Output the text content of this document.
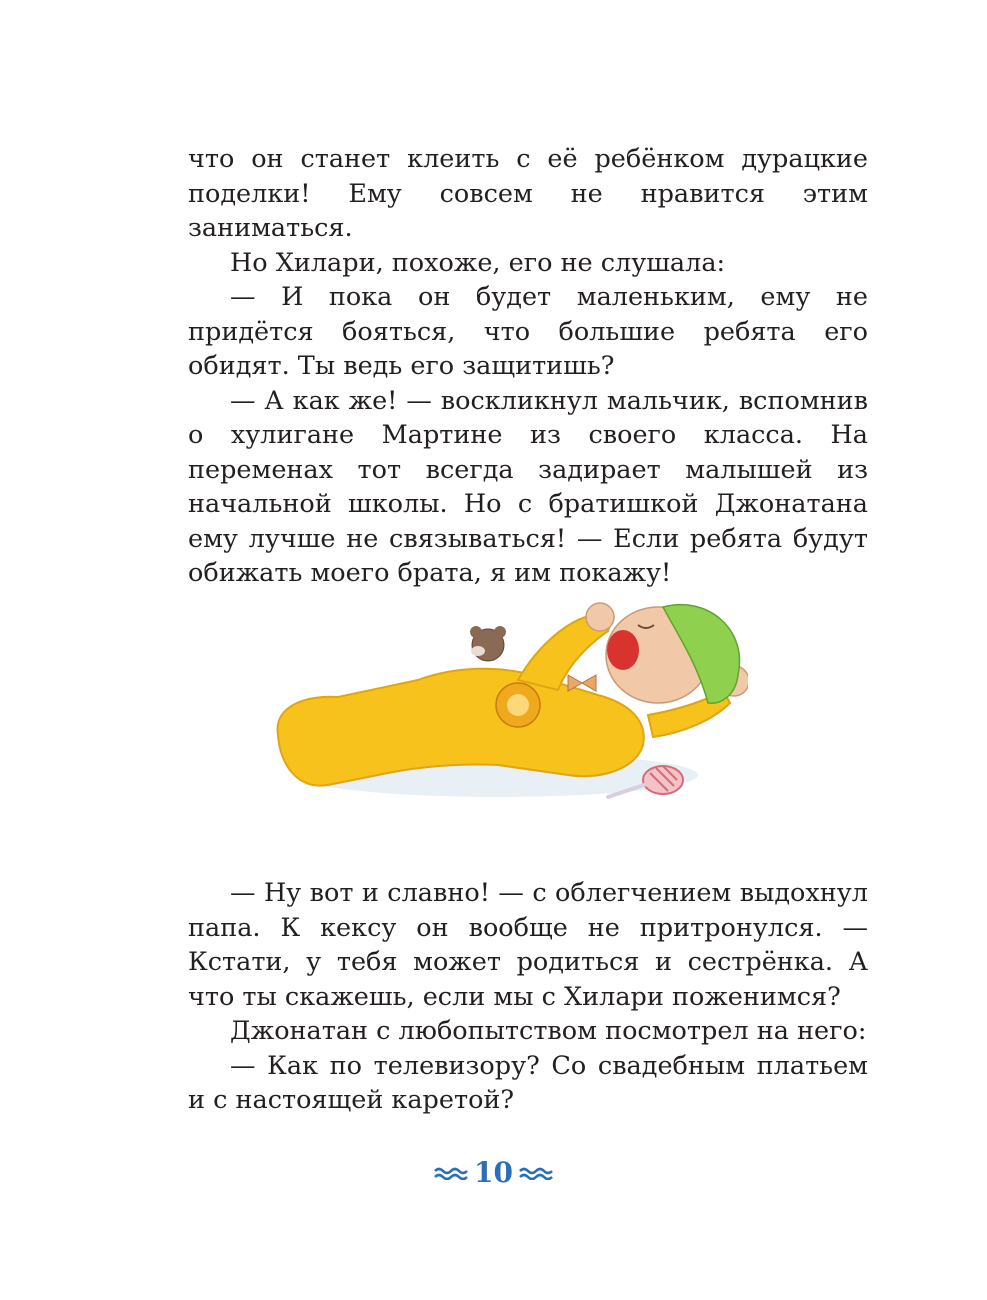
что он станет клеить с её ребёнком дурацкие поделки! Ему совсем не нравится этим заниматься.

Но Хилари, похоже, его не слушала:

— И пока он будет маленьким, ему не придётся бояться, что большие ребята его обидят. Ты ведь его защитишь?

— А как же! — воскликнул мальчик, вспомнив о хулигане Мартине из своего класса. На переменах тот всегда задирает малышей из начальной школы. Но с братишкой Джонатана ему лучше не связываться! — Если ребята будут обижать моего брата, я им покажу!

— Ну вот и славно! — с облегчением выдохнул папа. К кексу он вообще не притронулся. — Кстати, у тебя может родиться и сестрёнка. А что ты скажешь, если мы с Хилари поженимся?

Джонатан с любопытством посмотрел на него:

— Как по телевизору? Со свадебным платьем и с настоящей каретой?

10
